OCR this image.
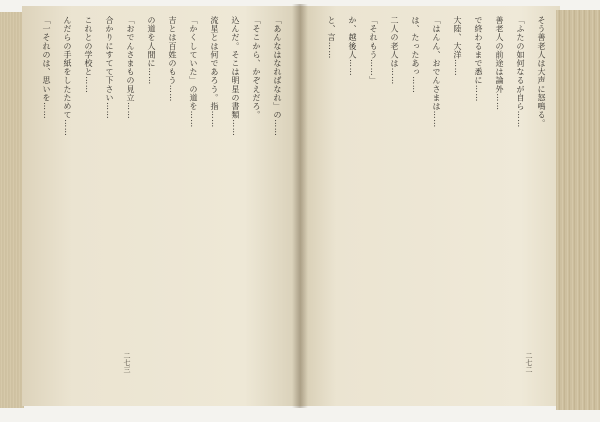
そう善老人は大声に怒鳴る。
「ふたの如何なるが自ら……
善老人の前途は論外……
で終わるまで悉に……
大陸、大洋……
「はんん、おでんさまは……
は、たったあっ……
二人の老人は……
「それもう……」
か、越後人……
と、言……
「あんなはなればなれ」の……
「そこから、かぞえだろ。
込んだ。そこは明星の書類……
流星とは何であろう。指……
「かくしていた」の道を……
吉とは百姓のもう……
の道を人間に……
「おでんさまもの見立……
合かりにすてて下さい……
これとの学校と……
んだらの手紙をしたためて……
「一それのは、思いを……
二七三	二七二
